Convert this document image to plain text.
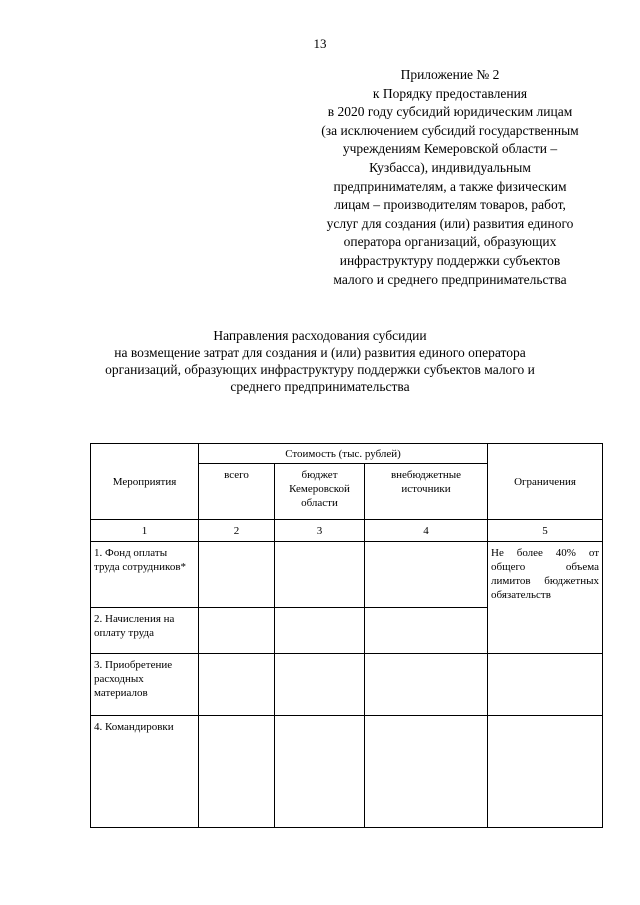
13
Приложение № 2
к Порядку предоставления
в 2020 году субсидий юридическим лицам
(за исключением субсидий государственным
учреждениям Кемеровской области –
Кузбасса), индивидуальным
предпринимателям, а также физическим
лицам – производителям товаров, работ,
услуг для создания (или) развития единого
оператора организаций, образующих
инфраструктуру поддержки субъектов
малого и среднего предпринимательства
Направления расходования субсидии
на возмещение затрат для создания и (или) развития единого оператора
организаций, образующих инфраструктуру поддержки субъектов малого и
среднего предпринимательства
Мероприятия	Стоимость (тыс. рублей)			Ограничения

	всего	бюджет Кемеровской области	внебюджетные источники	

1	2	3	4	5

1. Фонд оплаты труда сотрудников*				Не более 40% от общего объема лимитов бюджетных обязательств

2. Начисления на оплату труда				

3. Приобретение расходных материалов				

4. Командировки				
